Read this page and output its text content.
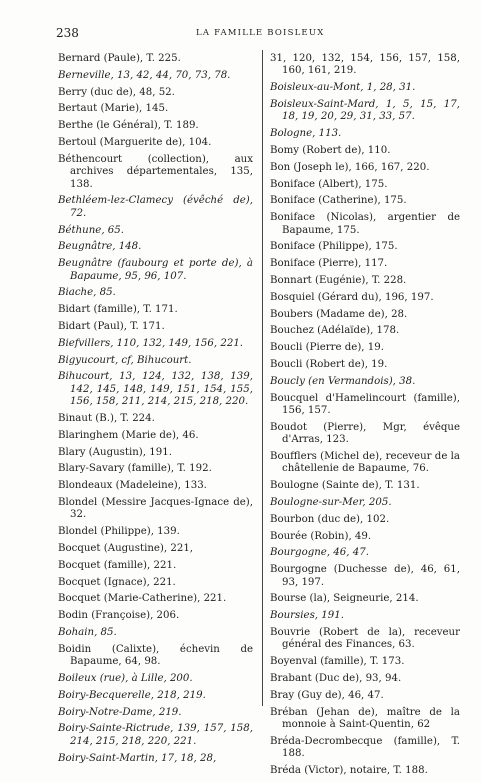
238	LA FAMILLE BOISLEUX

Bernard (Paule), T. 225.

Berneville, 13, 42, 44, 70, 73, 78.

Berry (duc de), 48, 52.

Bertaut (Marie), 145.

Berthe (le Général), T. 189.

Bertoul (Marguerite de), 104.

Béthencourt (collection), aux archives départementales, 135, 138.

Bethléem-lez-Clamecy (évêché de), 72.

Béthune, 65.

Beugnâtre, 148.

Beugnâtre (faubourg et porte de), à Bapaume, 95, 96, 107.

Biache, 85.

Bidart (famille), T. 171.

Bidart (Paul), T. 171.

Biefvillers, 110, 132, 149, 156, 221.

Bigyucourt, cf, Bihucourt.

Bihucourt, 13, 124, 132, 138, 139, 142, 145, 148, 149, 151, 154, 155, 156, 158, 211, 214, 215, 218, 220.

Binaut (B.), T. 224.

Blaringhem (Marie de), 46.

Blary (Augustin), 191.

Blary-Savary (famille), T. 192.

Blondeaux (Madeleine), 133.

Blondel (Messire Jacques-Ignace de), 32.

Blondel (Philippe), 139.

Bocquet (Augustine), 221,

Bocquet (famille), 221.

Bocquet (Ignace), 221.

Bocquet (Marie-Catherine), 221.

Bodin (Françoise), 206.

Bohain, 85.

Boidin (Calixte), échevin de Bapaume, 64, 98.

Boileux (rue), à Lille, 200.

Boiry-Becquerelle, 218, 219.

Boiry-Notre-Dame, 219.

Boiry-Sainte-Rictrude, 139, 157, 158, 214, 215, 218, 220, 221.

Boiry-Saint-Martin, 17, 18, 28,

31, 120, 132, 154, 156, 157, 158, 160, 161, 219.

Boisleux-au-Mont, 1, 28, 31.

Boisleux-Saint-Mard, 1, 5, 15, 17, 18, 19, 20, 29, 31, 33, 57.

Bologne, 113.

Bomy (Robert de), 110.

Bon (Joseph le), 166, 167, 220.

Boniface (Albert), 175.

Boniface (Catherine), 175.

Boniface (Nicolas), argentier de Bapaume, 175.

Boniface (Philippe), 175.

Boniface (Pierre), 117.

Bonnart (Eugénie), T. 228.

Bosquiel (Gérard du), 196, 197.

Boubers (Madame de), 28.

Bouchez (Adélaïde), 178.

Boucli (Pierre de), 19.

Boucli (Robert de), 19.

Boucly (en Vermandois), 38.

Boucquel d'Hamelincourt (famille), 156, 157.

Boudot (Pierre), Mgr, évêque d'Arras, 123.

Boufflers (Michel de), receveur de la châtellenie de Bapaume, 76.

Boulogne (Sainte de), T. 131.

Boulogne-sur-Mer, 205.

Bourbon (duc de), 102.

Bourée (Robin), 49.

Bourgogne, 46, 47.

Bourgogne (Duchesse de), 46, 61, 93, 197.

Bourse (la), Seigneurie, 214.

Boursies, 191.

Bouvrie (Robert de la), receveur général des Finances, 63.

Boyenval (famille), T. 173.

Brabant (Duc de), 93, 94.

Bray (Guy de), 46, 47.

Bréban (Jehan de), maître de la monnoie à Saint-Quentin, 62

Bréda-Decrombecque (famille), T. 188.

Bréda (Victor), notaire, T. 188.
